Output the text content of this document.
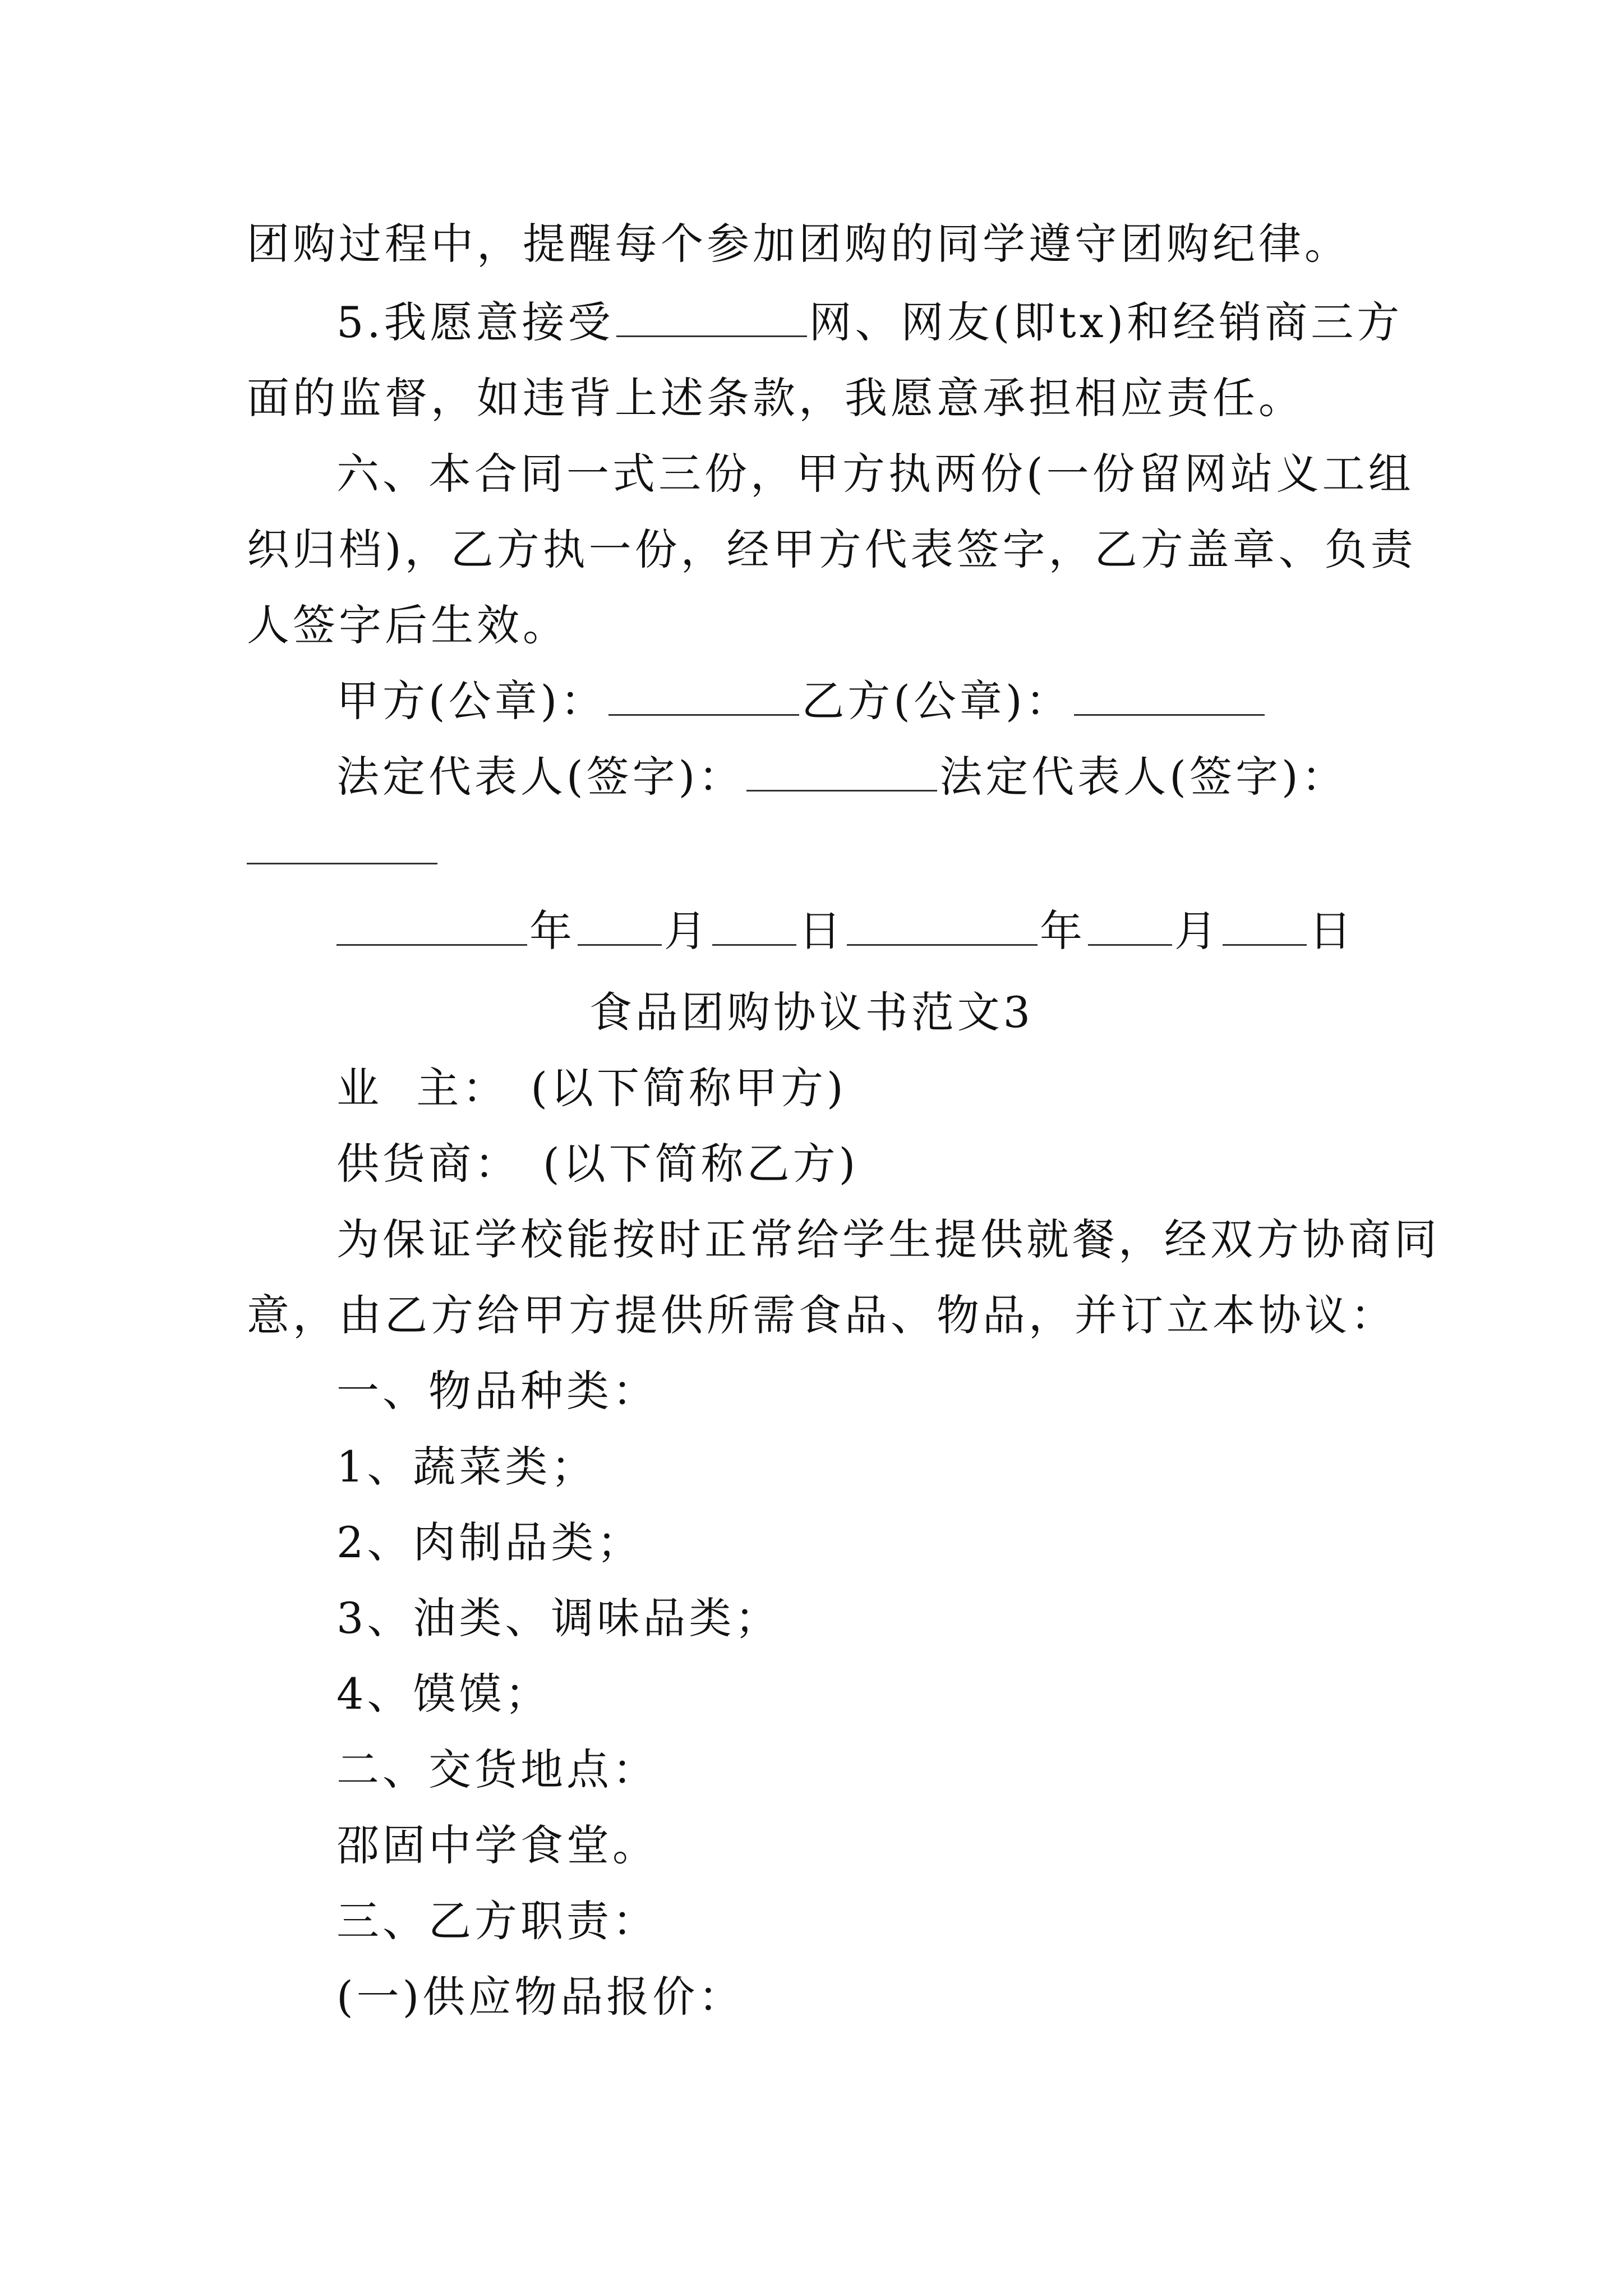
团购过程中，提醒每个参加团购的同学遵守团购纪律。
5.我愿意接受	网、网友(即tx)和经销商三方
面的监督，如违背上述条款，我愿意承担相应责任。
六、本合同一式三份，甲方执两份(一份留网站义工组
织归档)，乙方执一份，经甲方代表签字，乙方盖章、负责
人签字后生效。
甲方(公章)：	乙方(公章)：
法定代表人(签字)：	法定代表人(签字)：
年 月 日	年 月 日
食品团购协议书范文3
业  主： (以下简称甲方)
供货商： (以下简称乙方)
为保证学校能按时正常给学生提供就餐，经双方协商同
意，由乙方给甲方提供所需食品、物品，并订立本协议：
一、物品种类：
1、蔬菜类；
2、肉制品类；
3、油类、调味品类；
4、馍馍；
二、交货地点：
邵固中学食堂。
三、乙方职责：
(一)供应物品报价：
